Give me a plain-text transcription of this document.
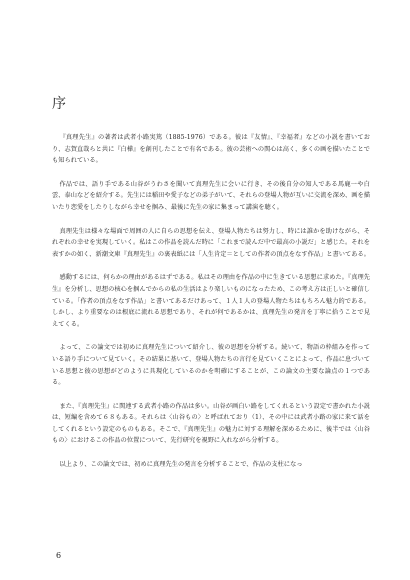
序

『真理先生』の著者は武者小路実篤（1885-1976）である。彼は『友情』、『幸福者』などの小説を書いており、志賀直哉らと共に『白樺』を創刊したことで有名である。彼の芸術への関心は高く、多くの画を描いたことでも知られている。

作品では、語り手である山谷がうわさを聞いて真理先生に会いに行き、その後自分の知人である馬鹿一や白雲、泰山などを紹介する。先生には稲田や愛子などの弟子がいて、それらの登場人物が互いに交流を深め、画を描いたり恋愛をしたりしながら幸せを掴み、最後に先生の家に集まって講演を聴く。

真理先生は様々な場面で周囲の人に自らの思想を伝え、登場人物たちは努力し、時には誰かを助けながら、それぞれの幸せを実現していく。私はこの作品を読んだ時に「これまで読んだ中で最高の小説だ」と感じた。それを表すかの如く、新潮文庫『真理先生』の裏表紙には「人生肯定＝としての作者の頂点をなす作品」と書いてある。

感動するには、何らかの理由があるはずである。私はその理由を作品の中に生きている思想に求めた。『真理先生』を分析し、思想の核心を掴んでからの私の生活はより楽しいものになったため、この考え方は正しいと確信している。「作者の頂点をなす作品」と書いてあるだけあって、１人１人の登場人物たちはもちろん魅力的である。しかし、より重要なのは根底に流れる思想であり、それが何であるかは、真理先生の発言を丁寧に拾うことで見えてくる。

よって、この論文では初めに真理先生について紹介し、彼の思想を分析する。続いて、物語の枠組みを作っている語り手について見ていく。その結果に基いて、登場人物たちの言行を見ていくことによって、作品に息づいている思想と彼の思想がどのように具現化しているのかを明確にすることが、この論文の主要な論点の１つである。

また、『真理先生』に関連する武者小路の作品は多い。山谷が画白い路をしてくれるという設定で書かれた小説は、短編を含めて６８もある。それらは〈山谷もの〉と呼ばれており（1）、その中には武者小路の家に来て話をしてくれるという設定のものもある。そこで、『真理先生』の魅力に対する理解を深めるために、後半では〈山谷もの〉におけるこの作品の位置について、先行研究を視野に入れながら分析する。

以上より、この論文では、初めに真理先生の発言を分析することで、作品の支柱になっ

6
